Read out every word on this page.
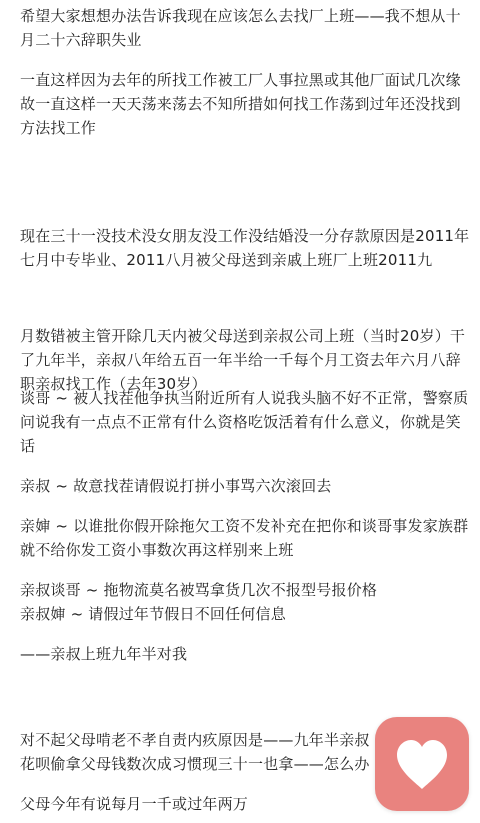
希望大家想想办法告诉我现在应该怎么去找厂上班——我不想从十月二十六辞职失业

一直这样因为去年的所找工作被工厂人事拉黑或其他厂面试几次缘故一直这样一天天荡来荡去不知所措如何找工作荡到过年还没找到方法找工作

现在三十一没技术没女朋友没工作没结婚没一分存款原因是2011年七月中专毕业、2011八月被父母送到亲戚上班厂上班2011九

月数错被主管开除几天内被父母送到亲叔公司上班（当时20岁）干了九年半，亲叔八年给五百一年半给一千每个月工资去年六月八辞职亲叔找工作（去年30岁）

谈哥 ~ 被人找茬他争执当附近所有人说我头脑不好不正常，警察质问说我有一点点不正常有什么资格吃饭活着有什么意义，你就是笑话

亲叔 ~ 故意找茬请假说打拼小事骂六次滚回去

亲婶 ~ 以谁批你假开除拖欠工资不发补充在把你和谈哥事发家族群就不给你发工资小事数次再这样别来上班

亲叔谈哥 ~ 拖物流莫名被骂拿货几次不报型号报价格
亲叔婶 ~ 请假过年节假日不回任何信息

——亲叔上班九年半对我

对不起父母啃老不孝自责内疚原因是——九年半亲叔
花呗偷拿父母钱数次成习惯现三十一也拿——怎么办

父母今年有说每月一千或过年两万
